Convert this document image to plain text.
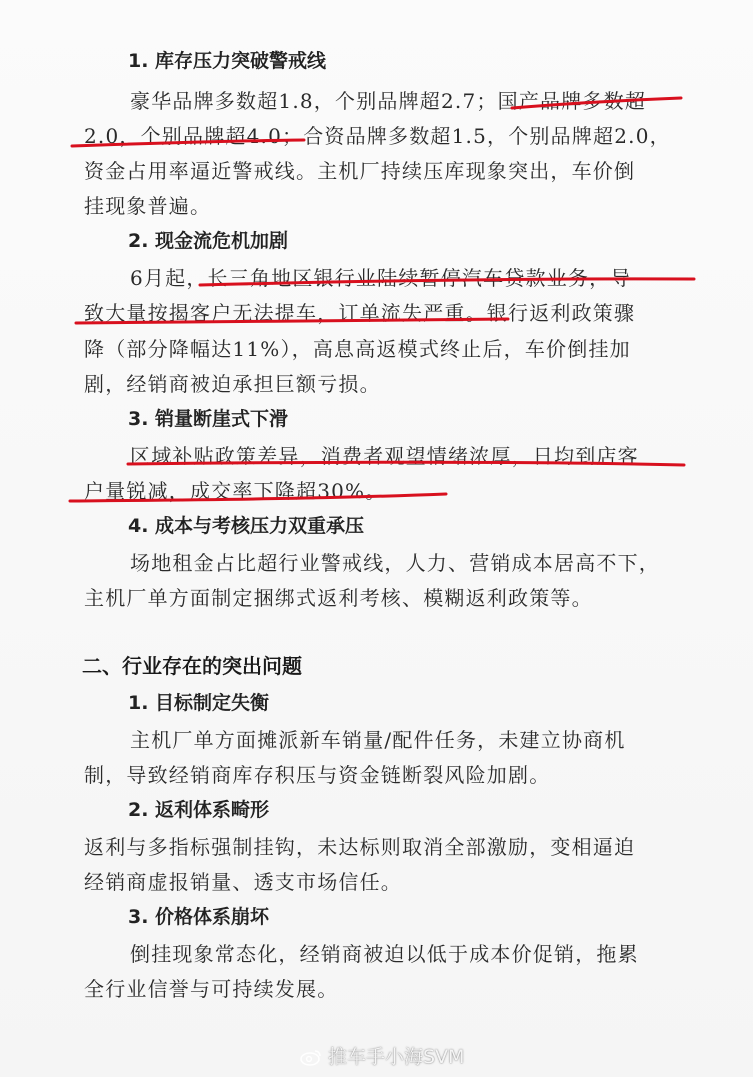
1. 库存压力突破警戒线
豪华品牌多数超1.8，个别品牌超2.7；国产品牌多数超
2.0，个别品牌超4.0；合资品牌多数超1.5，个别品牌超2.0，
资金占用率逼近警戒线。主机厂持续压库现象突出，车价倒
挂现象普遍。
2. 现金流危机加剧
6月起，长三角地区银行业陆续暂停汽车贷款业务，导
致大量按揭客户无法提车，订单流失严重。银行返利政策骤
降（部分降幅达11%），高息高返模式终止后，车价倒挂加
剧，经销商被迫承担巨额亏损。
3. 销量断崖式下滑
区域补贴政策差异，消费者观望情绪浓厚，日均到店客
户量锐减，成交率下降超30%。
4. 成本与考核压力双重承压
场地租金占比超行业警戒线，人力、营销成本居高不下，
主机厂单方面制定捆绑式返利考核、模糊返利政策等。
二、行业存在的突出问题
1. 目标制定失衡
主机厂单方面摊派新车销量/配件任务，未建立协商机
制，导致经销商库存积压与资金链断裂风险加剧。
2. 返利体系畸形
返利与多指标强制挂钩，未达标则取消全部激励，变相逼迫
经销商虚报销量、透支市场信任。
3. 价格体系崩坏
倒挂现象常态化，经销商被迫以低于成本价促销，拖累
全行业信誉与可持续发展。
推车手小海SVM
